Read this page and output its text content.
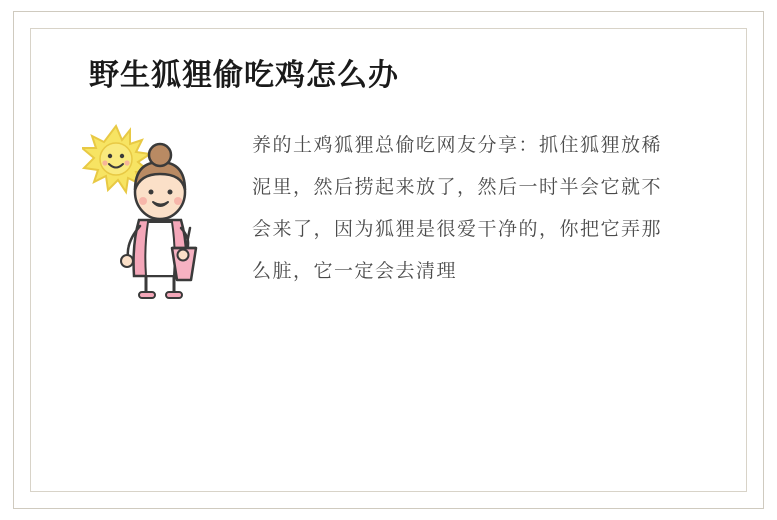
野生狐狸偷吃鸡怎么办
养的土鸡狐狸总偷吃网友分享：抓住狐狸放稀泥里，然后捞起来放了，然后一时半会它就不会来了，因为狐狸是很爱干净的，你把它弄那么脏，它一定会去清理
